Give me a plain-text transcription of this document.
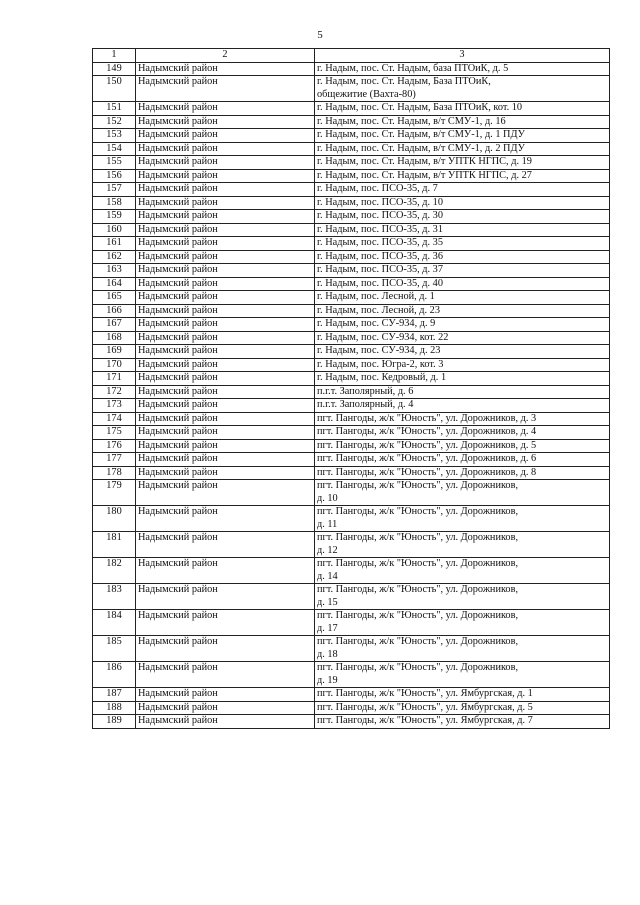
5
1	2	3
149	Надымский район	г. Надым, пос. Ст. Надым, база ПТОиК, д. 5
150	Надымский район	г. Надым, пос. Ст. Надым, База ПТОиК,
общежитие (Вахта-80)

151	Надымский район	г. Надым, пос. Ст. Надым, База ПТОиК, кот. 10
152	Надымский район	г. Надым, пос. Ст. Надым, в/т СМУ-1, д. 16
153	Надымский район	г. Надым, пос. Ст. Надым, в/т СМУ-1, д. 1 ПДУ
154	Надымский район	г. Надым, пос. Ст. Надым, в/т СМУ-1, д. 2 ПДУ
155	Надымский район	г. Надым, пос. Ст. Надым, в/т УПТК НГПС, д. 19
156	Надымский район	г. Надым, пос. Ст. Надым, в/т УПТК НГПС, д. 27
157	Надымский район	г. Надым, пос. ПСО-35, д. 7
158	Надымский район	г. Надым, пос. ПСО-35, д. 10
159	Надымский район	г. Надым, пос. ПСО-35, д. 30
160	Надымский район	г. Надым, пос. ПСО-35, д. 31
161	Надымский район	г. Надым, пос. ПСО-35, д. 35
162	Надымский район	г. Надым, пос. ПСО-35, д. 36
163	Надымский район	г. Надым, пос. ПСО-35, д. 37
164	Надымский район	г. Надым, пос. ПСО-35, д. 40
165	Надымский район	г. Надым, пос. Лесной, д. 1
166	Надымский район	г. Надым, пос. Лесной, д. 23
167	Надымский район	г. Надым, пос. СУ-934, д. 9
168	Надымский район	г. Надым, пос. СУ-934, кот. 22
169	Надымский район	г. Надым, пос. СУ-934, д. 23
170	Надымский район	г. Надым, пос. Югра-2, кот. 3
171	Надымский район	г. Надым, пос. Кедровый, д. 1
172	Надымский район	п.г.т. Заполярный, д. 6
173	Надымский район	п.г.т. Заполярный, д. 4
174	Надымский район	пгт. Пангоды, ж/к "Юность", ул. Дорожников, д. 3
175	Надымский район	пгт. Пангоды, ж/к "Юность", ул. Дорожников, д. 4
176	Надымский район	пгт. Пангоды, ж/к "Юность", ул. Дорожников, д. 5
177	Надымский район	пгт. Пангоды, ж/к "Юность", ул. Дорожников, д. 6
178	Надымский район	пгт. Пангоды, ж/к "Юность", ул. Дорожников, д. 8
179	Надымский район	пгт. Пангоды, ж/к "Юность", ул. Дорожников,
д. 10

180	Надымский район	пгт. Пангоды, ж/к "Юность", ул. Дорожников,
д. 11

181	Надымский район	пгт. Пангоды, ж/к "Юность", ул. Дорожников,
д. 12

182	Надымский район	пгт. Пангоды, ж/к "Юность", ул. Дорожников,
д. 14

183	Надымский район	пгт. Пангоды, ж/к "Юность", ул. Дорожников,
д. 15

184	Надымский район	пгт. Пангоды, ж/к "Юность", ул. Дорожников,
д. 17

185	Надымский район	пгт. Пангоды, ж/к "Юность", ул. Дорожников,
д. 18

186	Надымский район	пгт. Пангоды, ж/к "Юность", ул. Дорожников,
д. 19

187	Надымский район	пгт. Пангоды, ж/к "Юность", ул. Ямбургская, д. 1
188	Надымский район	пгт. Пангоды, ж/к "Юность", ул. Ямбургская, д. 5
189	Надымский район	пгт. Пангоды, ж/к "Юность", ул. Ямбургская, д. 7
